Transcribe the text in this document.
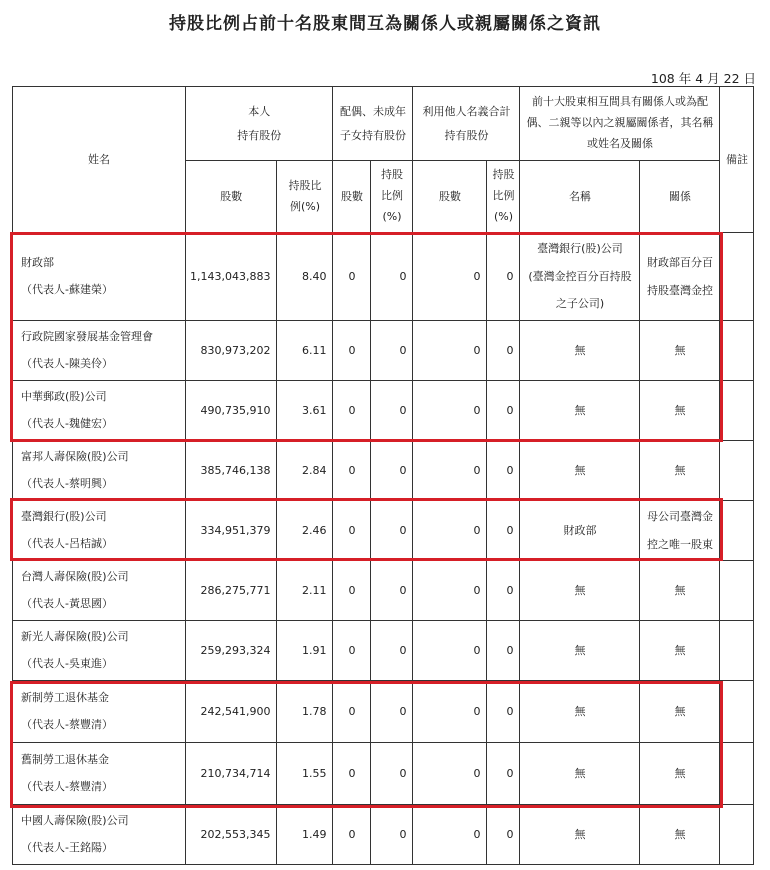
持股比例占前十名股東間互為關係人或親屬關係之資訊
108 年 4 月 22 日
姓名	本人
持有股份		配偶、未成年
子女持有股份		利用他人名義合計
持有股份		前十大股東相互間具有關係人或為配
偶、二親等以內之親屬關係者，其名稱
或姓名及關係		備註
	股數	持股比
例(%)	股數	持股
比例
(%)	股數	持股
比例
(%)	名稱	關係	
財政部
（代表人-蘇建榮）	1,143,043,883	8.40	0	0	0	0	臺灣銀行(股)公司
(臺灣金控百分百持股
之子公司)	財政部百分百
持股臺灣金控	
行政院國家發展基金管理會
（代表人-陳美伶）	830,973,202	6.11	0	0	0	0	無	無	
中華郵政(股)公司
（代表人-魏健宏）	490,735,910	3.61	0	0	0	0	無	無	
富邦人壽保險(股)公司
（代表人-蔡明興）	385,746,138	2.84	0	0	0	0	無	無	
臺灣銀行(股)公司
（代表人-呂桔誠）	334,951,379	2.46	0	0	0	0	財政部	母公司臺灣金
控之唯一股東	
台灣人壽保險(股)公司
（代表人-黃思國）	286,275,771	2.11	0	0	0	0	無	無	
新光人壽保險(股)公司
（代表人-吳東進）	259,293,324	1.91	0	0	0	0	無	無	
新制勞工退休基金
（代表人-蔡豐清）	242,541,900	1.78	0	0	0	0	無	無	
舊制勞工退休基金
（代表人-蔡豐清）	210,734,714	1.55	0	0	0	0	無	無	
中國人壽保險(股)公司
（代表人-王銘陽）	202,553,345	1.49	0	0	0	0	無	無	
